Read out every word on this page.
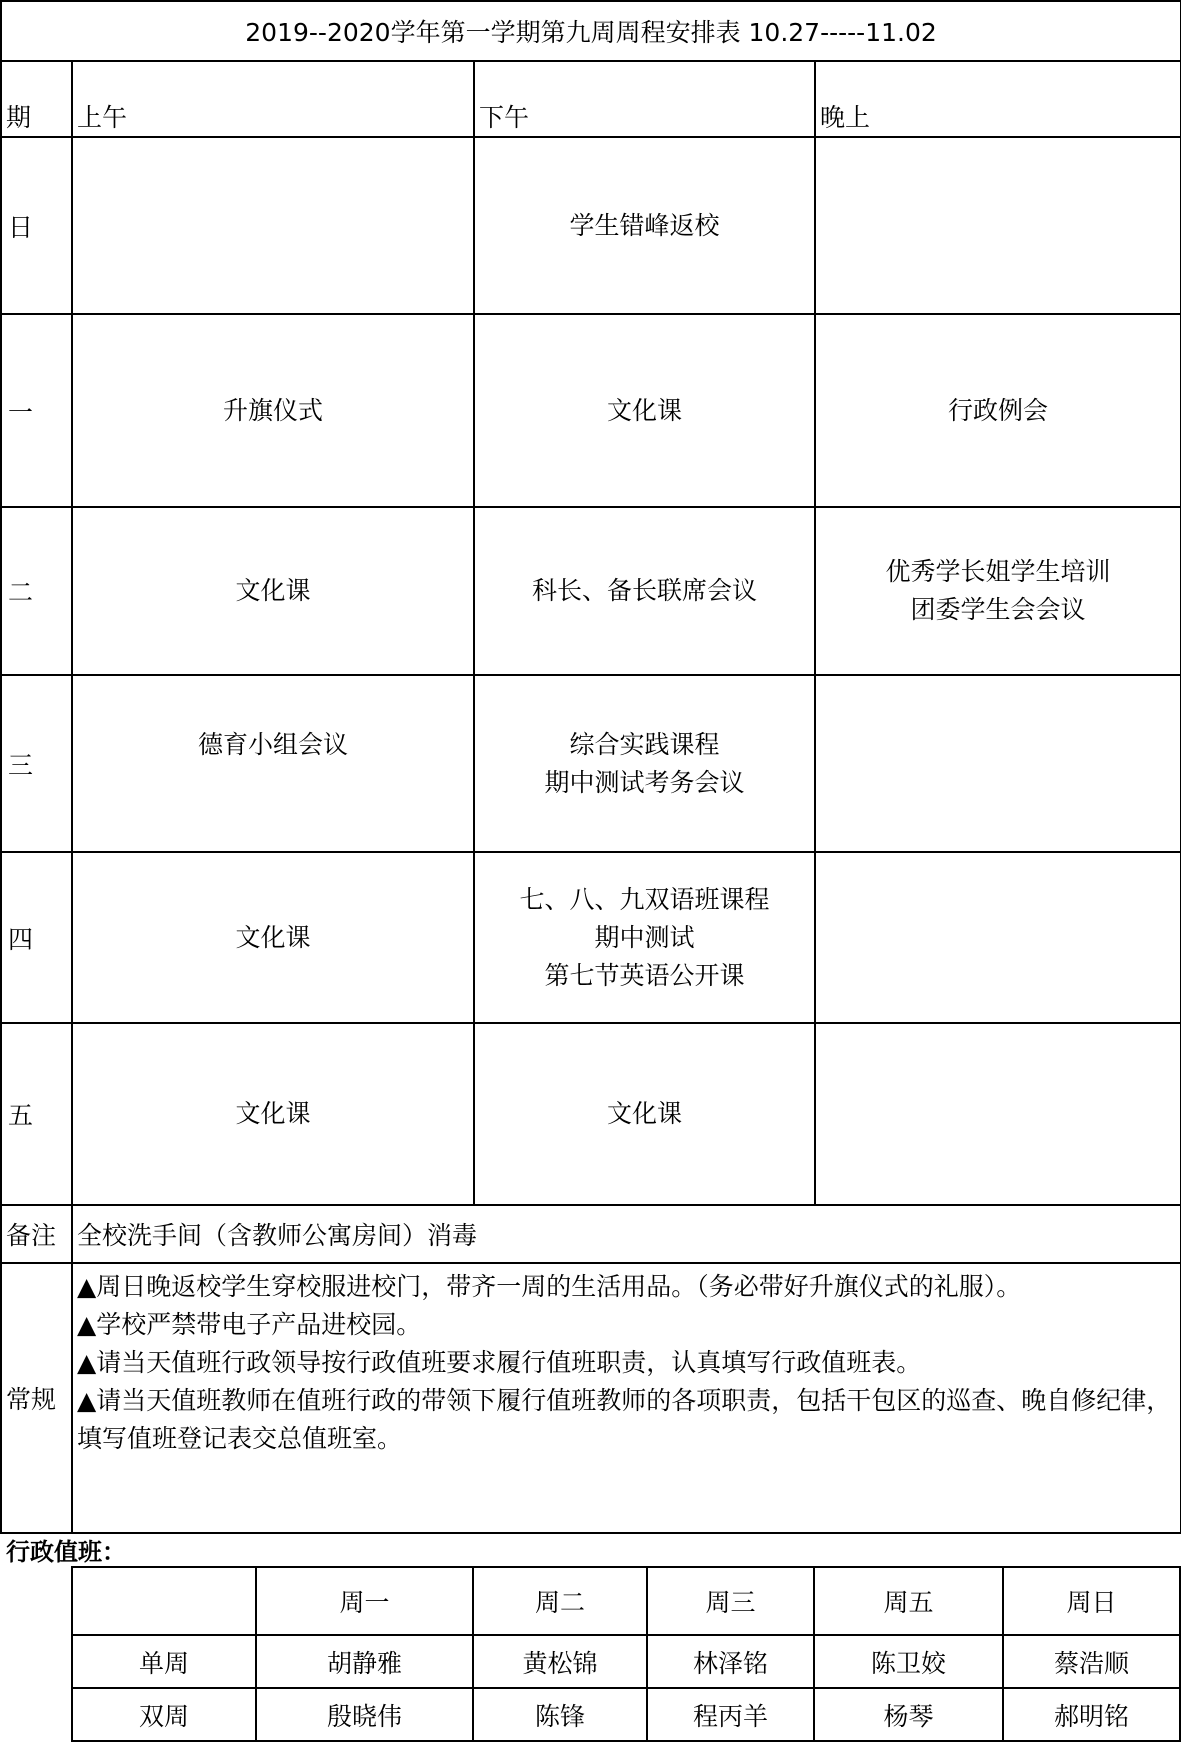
2019--2020学年第一学期第九周周程安排表 10.27-----11.02			
期	上午	下午	晚上
日		学生错峰返校	

一	升旗仪式	文化课	行政例会

二	文化课	科长、备长联席会议	优秀学长姐学生培训
团委学生会会议

三	德育小组会议	综合实践课程
期中测试考务会议	

四	文化课	七、八、九双语班课程
期中测试
第七节英语公开课	

五	文化课	文化课	

备注	全校洗手间（含教师公寓房间）消毒		
常规	▲周日晚返校学生穿校服进校门，带齐一周的生活用品。（务必带好升旗仪式的礼服）。
▲学校严禁带电子产品进校园。
▲请当天值班行政领导按行政值班要求履行值班职责，认真填写行政值班表。
▲请当天值班教师在值班行政的带领下履行值班教师的各项职责，包括干包区的巡查、晚自修纪律，填写值班登记表交总值班室。		
行政值班：
	周一	周二	周三	周五	周日
单周	胡静雅	黄松锦	林泽铭	陈卫姣	蔡浩顺
双周	殷晓伟	陈锋	程丙羊	杨琴	郝明铭
